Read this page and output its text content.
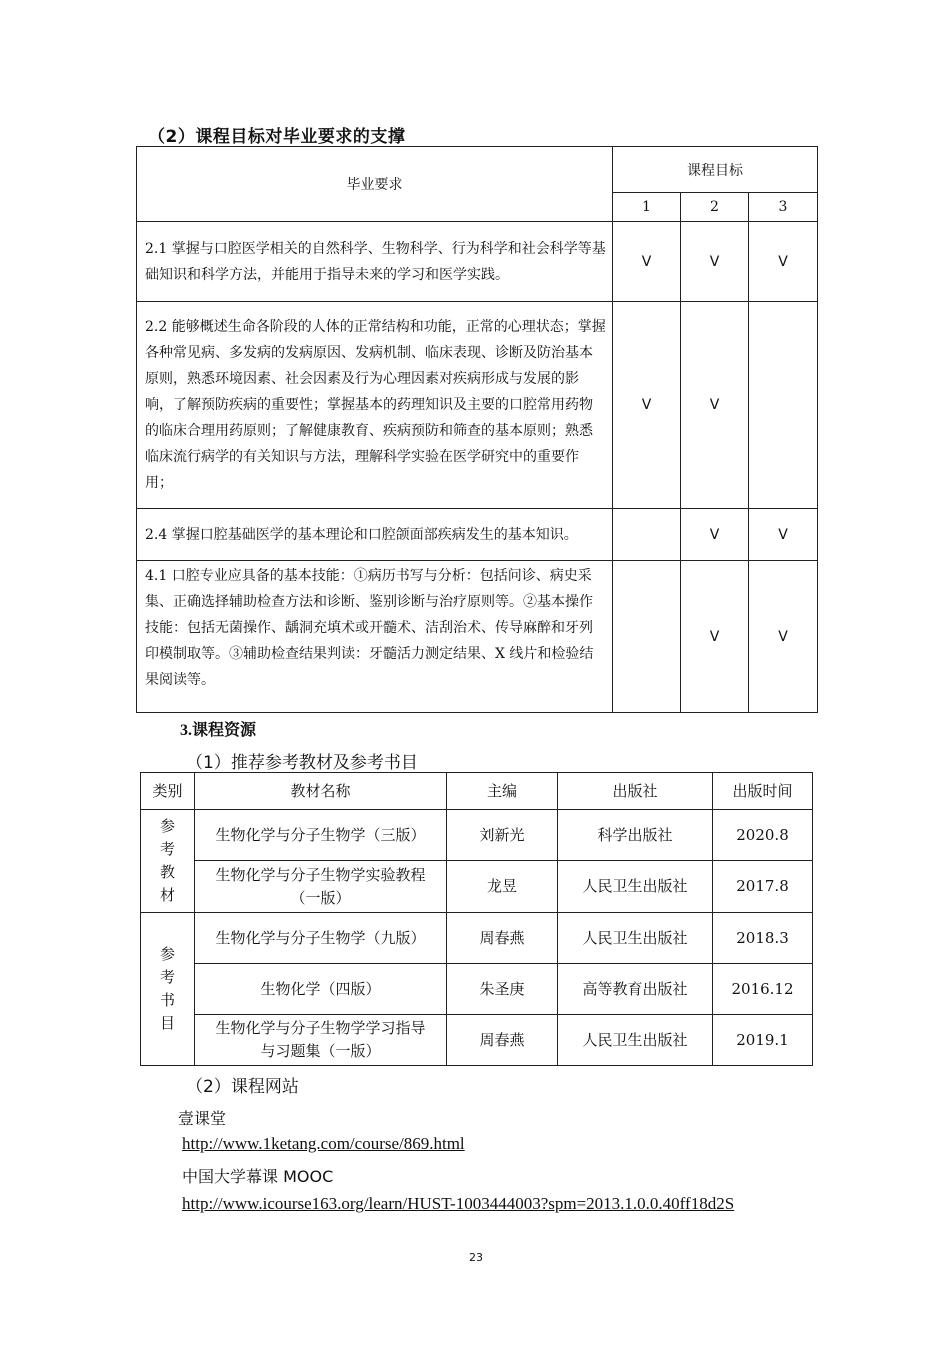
（2）课程目标对毕业要求的支撑
毕业要求	课程目标		
	1	2	3
2.1 掌握与口腔医学相关的自然科学、生物科学、行为科学和社会科学等基础知识和科学方法，并能用于指导未来的学习和医学实践。	V	V	V
2.2 能够概述生命各阶段的人体的正常结构和功能，正常的心理状态；掌握各种常见病、多发病的发病原因、发病机制、临床表现、诊断及防治基本原则，熟悉环境因素、社会因素及行为心理因素对疾病形成与发展的影响，了解预防疾病的重要性；掌握基本的药理知识及主要的口腔常用药物的临床合理用药原则；了解健康教育、疾病预防和筛查的基本原则；熟悉临床流行病学的有关知识与方法，理解科学实验在医学研究中的重要作用；	V	V	
2.4 掌握口腔基础医学的基本理论和口腔颌面部疾病发生的基本知识。		V	V
4.1 口腔专业应具备的基本技能：①病历书写与分析：包括问诊、病史采集、正确选择辅助检查方法和诊断、鉴别诊断与治疗原则等。②基本操作技能：包括无菌操作、龋洞充填术或开髓术、洁刮治术、传导麻醉和牙列印模制取等。③辅助检查结果判读：牙髓活力测定结果、X 线片和检验结果阅读等。		V	V
3.课程资源
（1）推荐参考教材及参考书目
类别	教材名称	主编	出版社	出版时间
参考教材	生物化学与分子生物学（三版）	刘新光	科学出版社	2020.8
	生物化学与分子生物学实验教程（一版）	龙昱	人民卫生出版社	2017.8
参考书目	生物化学与分子生物学（九版）	周春燕	人民卫生出版社	2018.3
	生物化学（四版）	朱圣庚	高等教育出版社	2016.12
	生物化学与分子生物学学习指导与习题集（一版）	周春燕	人民卫生出版社	2019.1
（2）课程网站
壹课堂
http://www.1ketang.com/course/869.html
中国大学幕课 MOOC
http://www.icourse163.org/learn/HUST-1003444003?spm=2013.1.0.0.40ff18d2S
23
